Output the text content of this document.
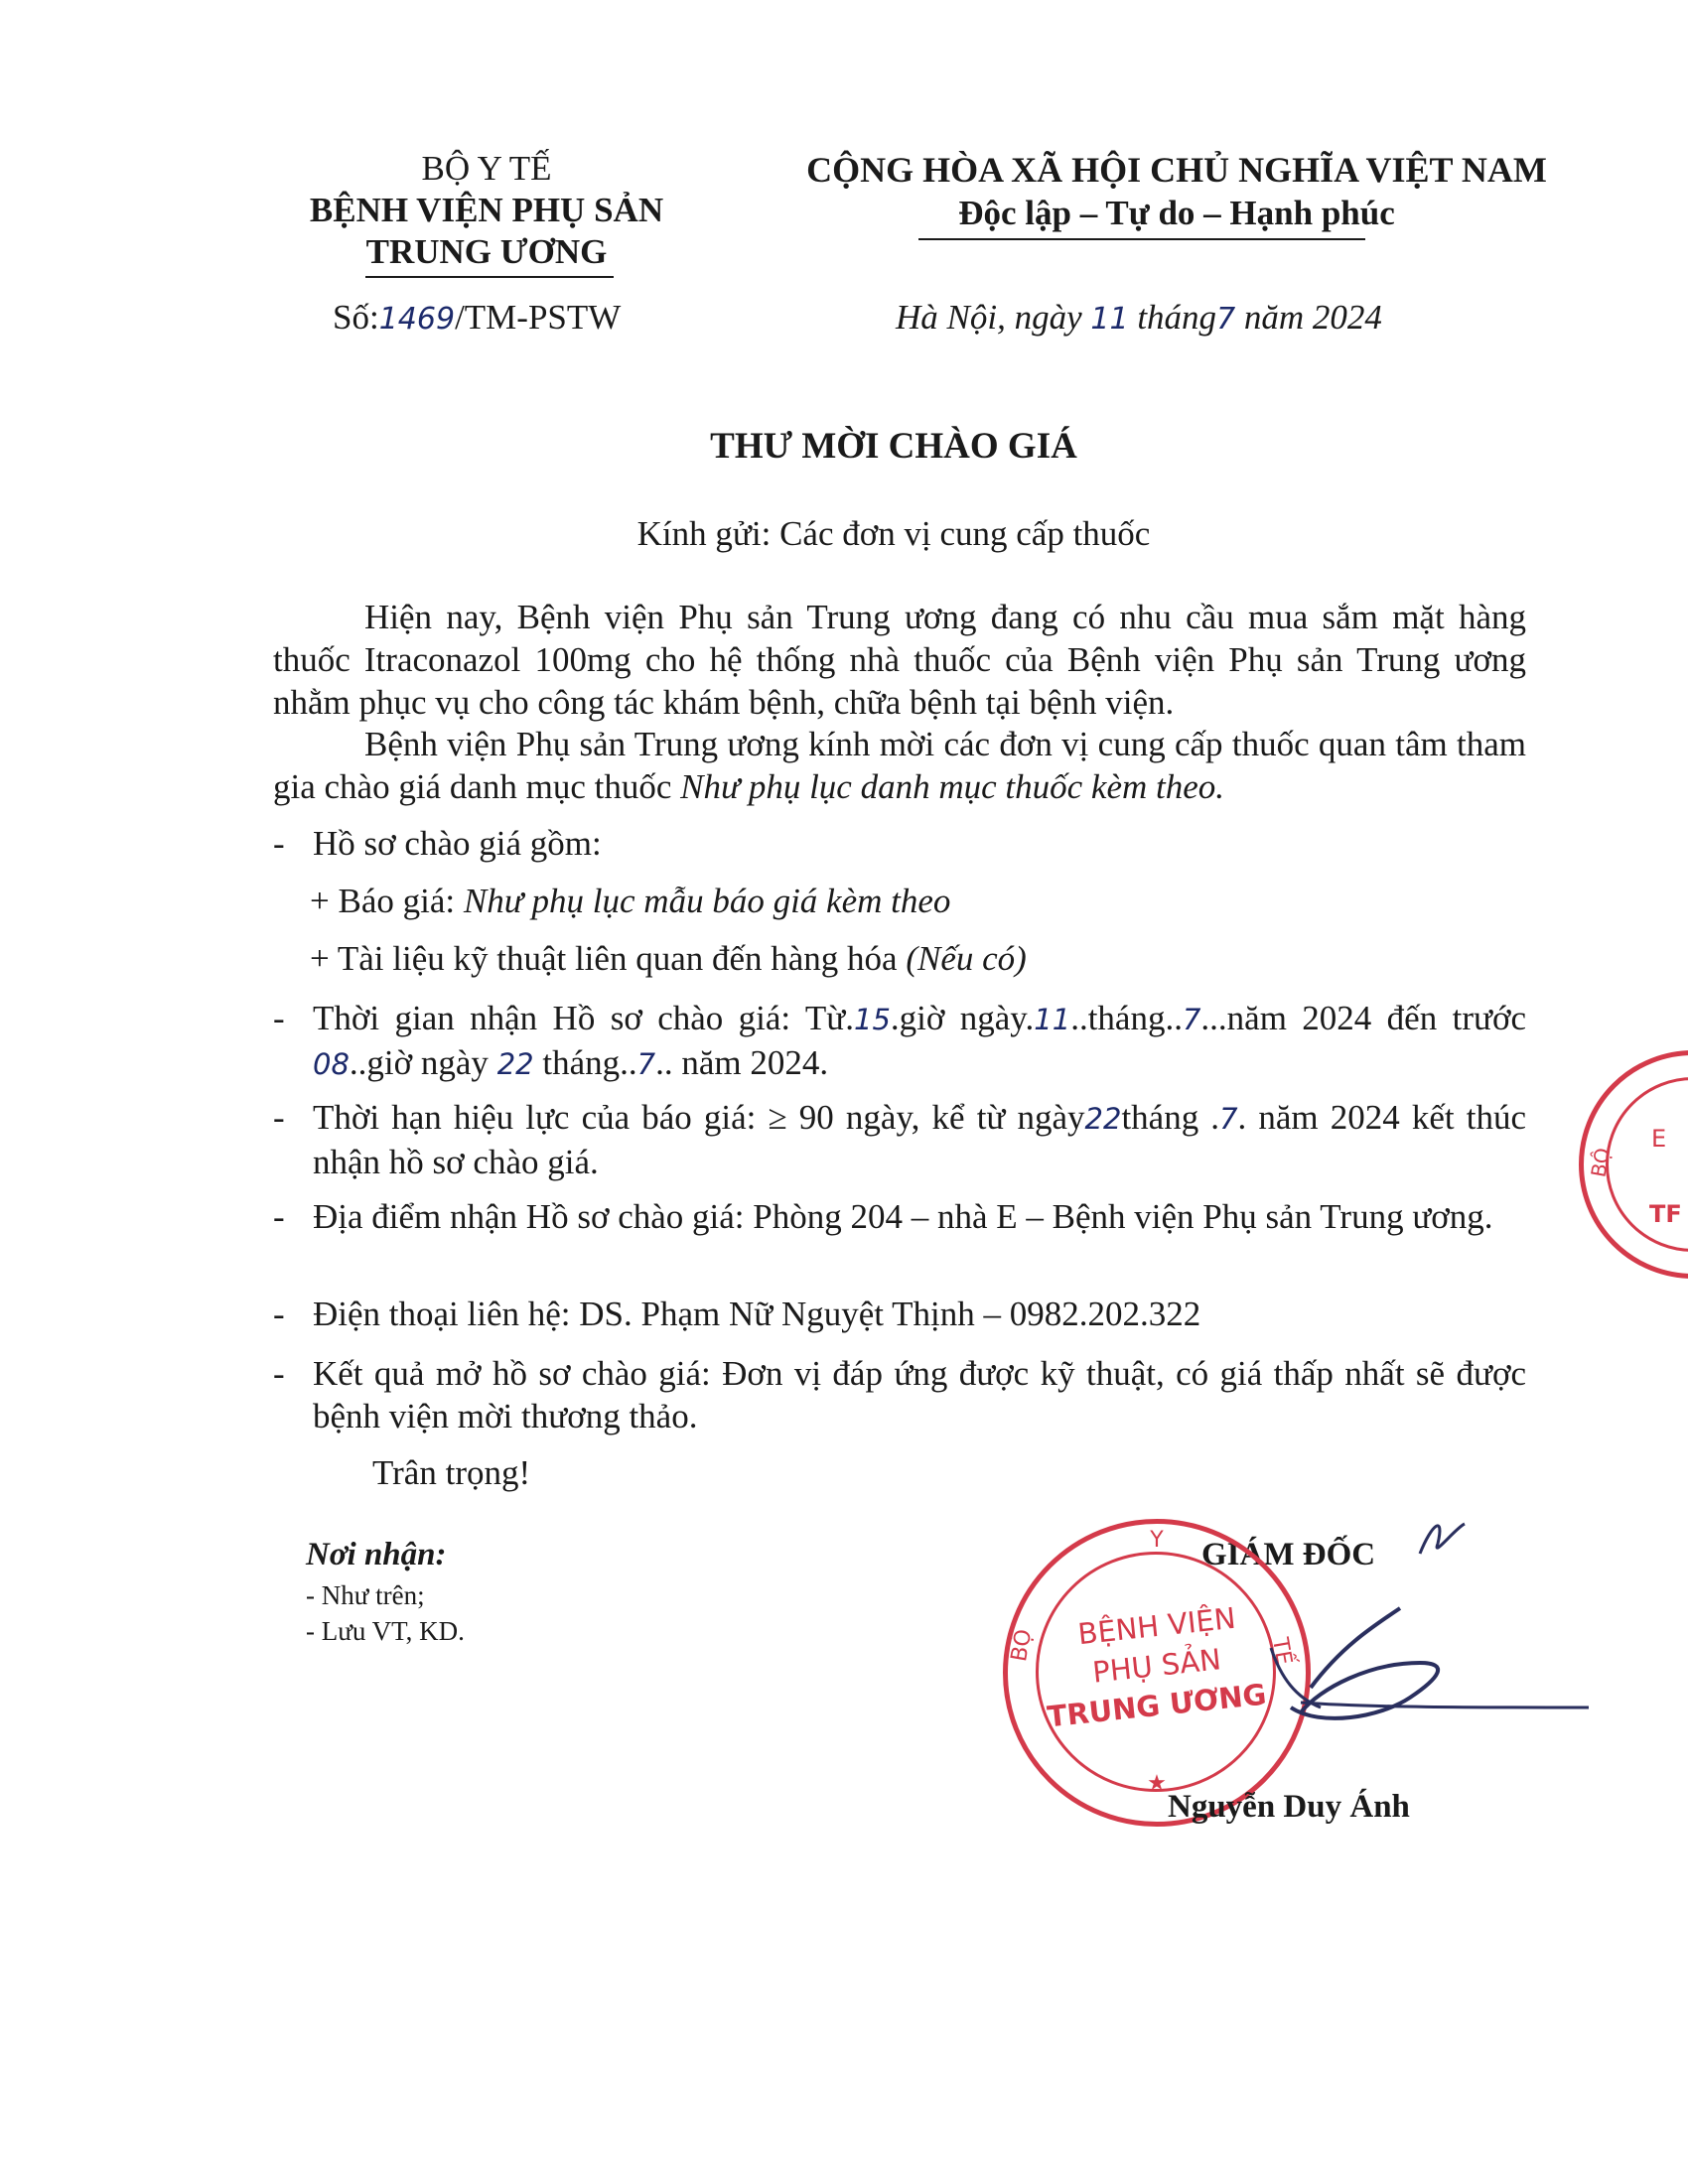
BỘ Y TẾ
BỆNH VIỆN PHỤ SẢN
TRUNG ƯƠNG
Số:1469/TM-PSTW
CỘNG HÒA XÃ HỘI CHỦ NGHĨA VIỆT NAM
Độc lập – Tự do – Hạnh phúc
Hà Nội, ngày 11 tháng7 năm 2024
THƯ MỜI CHÀO GIÁ
Kính gửi: Các đơn vị cung cấp thuốc
Hiện nay, Bệnh viện Phụ sản Trung ương đang có nhu cầu mua sắm mặt hàng thuốc Itraconazol 100mg cho hệ thống nhà thuốc của Bệnh viện Phụ sản Trung ương nhằm phục vụ cho công tác khám bệnh, chữa bệnh tại bệnh viện.
Bệnh viện Phụ sản Trung ương kính mời các đơn vị cung cấp thuốc quan tâm tham gia chào giá danh mục thuốc Như phụ lục danh mục thuốc kèm theo.
- Hồ sơ chào giá gồm:
+ Báo giá: Như phụ lục mẫu báo giá kèm theo
+ Tài liệu kỹ thuật liên quan đến hàng hóa (Nếu có)
- Thời gian nhận Hồ sơ chào giá: Từ.15.giờ ngày.11..tháng..7...năm 2024 đến trước 08..giờ ngày 22 tháng..7.. năm 2024.
- Thời hạn hiệu lực của báo giá: ≥ 90 ngày, kể từ ngày22tháng .7. năm 2024 kết thúc nhận hồ sơ chào giá.
- Địa điểm nhận Hồ sơ chào giá: Phòng 204 – nhà E – Bệnh viện Phụ sản Trung ương.
- Điện thoại liên hệ: DS. Phạm Nữ Nguyệt Thịnh – 0982.202.322
- Kết quả mở hồ sơ chào giá: Đơn vị đáp ứng được kỹ thuật, có giá thấp nhất sẽ được bệnh viện mời thương thảo.
Trân trọng!
Nơi nhận:
- Như trên;
- Lưu VT, KD.
GIÁM ĐỐC
Y
BỘ	TẾ
BỆNH VIỆN
PHỤ SẢN
TRUNG ƯƠNG
★
Nguyễn Duy Ánh
BỘ
E
TF
